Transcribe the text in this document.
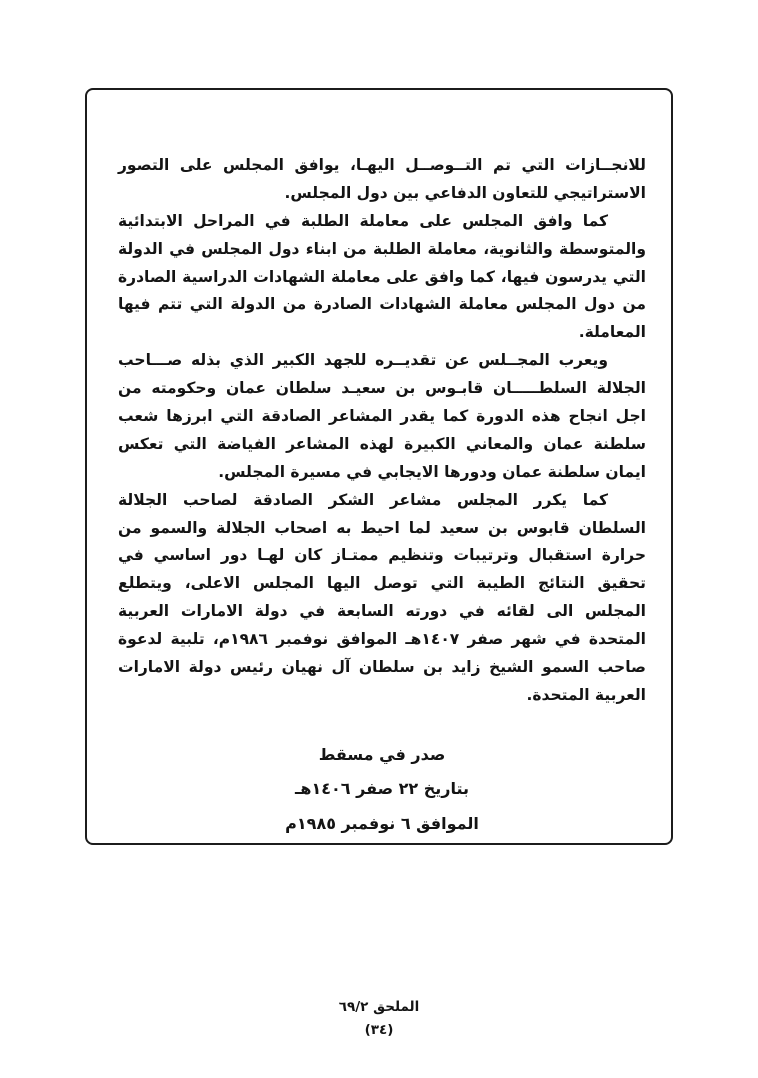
للانجــازات التي تم التــوصــل اليهـا، يوافق المجلس على التصور الاستراتيجي للتعاون الدفاعي بين دول المجلس.

كما وافق المجلس على معاملة الطلبة في المراحل الابتدائية والمتوسطة والثانوية، معاملة الطلبة من ابناء دول المجلس في الدولة التي يدرسون فيها، كما وافق على معاملة الشهادات الدراسية الصادرة من دول المجلس معاملة الشهادات الصادرة من الدولة التي تتم فيها المعاملة.

ويعرب المجــلس عن تقديــره للجهد الكبير الذي بذله صـــاحب الجلالة السلطـــــان قابـوس بن سعيـد سلطان عمان وحكومته من اجل انجاح هذه الدورة كما يقدر المشاعر الصادقة التي ابرزها شعب سلطنة عمان والمعاني الكبيرة لهذه المشاعر الفياضة التي تعكس ايمان سلطنة عمان ودورها الايجابي في مسيرة المجلس.

كما يكرر المجلس مشاعر الشكر الصادقة لصاحب الجلالة السلطان قابوس بن سعيد لما احيط به اصحاب الجلالة والسمو من حرارة استقبال وترتيبات وتنظيم ممتـاز كان لهـا دور اساسي في تحقيق النتائج الطيبة التي توصل اليها المجلس الاعلى، ويتطلع المجلس الى لقائه في دورته السابعة في دولة الامارات العربية المتحدة في شهر صفر ١٤٠٧هـ الموافق نوفمبر ١٩٨٦م، تلبية لدعوة صاحب السمو الشيخ زايد بن سلطان آل نهيان رئيس دولة الامارات العربية المتحدة.

صدر في مسقط
بتاريخ ٢٢ صفر ١٤٠٦هـ
الموافق ٦ نوفمبر ١٩٨٥م
الملحق ٦٩/٢
(٣٤)
